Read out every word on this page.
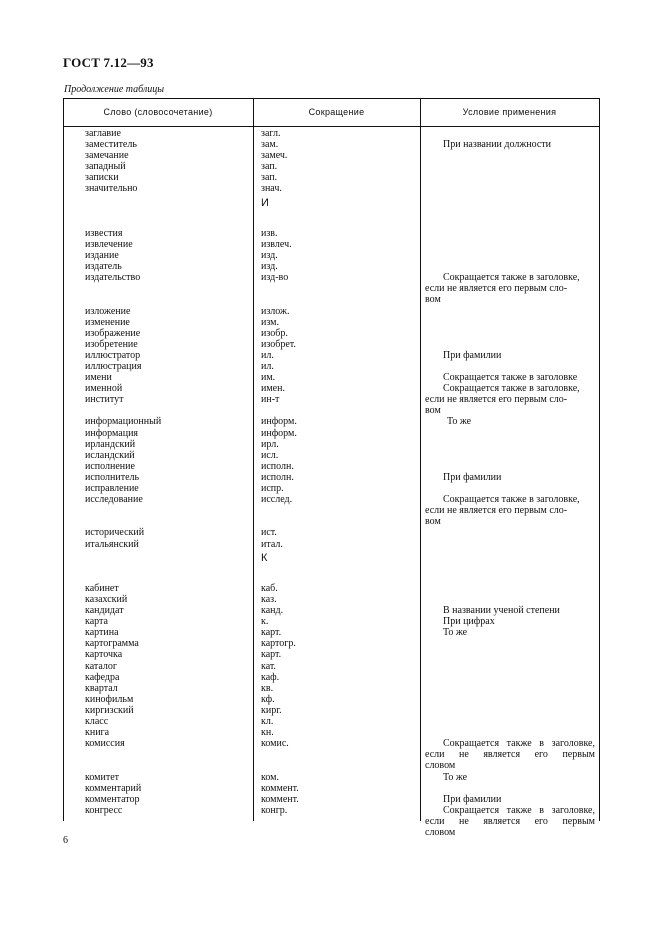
ГОСТ 7.12—93
Продолжение таблицы
Слово (словосочетание)	Сокращение	Условие применения
заглавие	загл.
заместитель	зам.	При названии должности
замечание	замеч.
западный	зап.
записки	зап.
значительно	знач.
И
известия	изв.
извлечение	извлеч.
издание	изд.
издатель	изд.
издательство	изд-во	Сокращается также в заголовке,
если не является его первым сло-
вом
изложение	излож.
изменение	изм.
изображение	изобр.
изобретение	изобрет.
иллюстратор	ил.	При фамилии
иллюстрация	ил.
имени	им.	Сокращается также в заголовке
именной	имен.	Сокращается также в заголовке,
институт	ин-т	если не является его первым сло-
вом
информационный	информ.	То же
информация	информ.
ирландский	ирл.
исландский	исл.
исполнение	исполн.
исполнитель	исполн.	При фамилии
исправление	испр.
исследование	исслед.	Сокращается также в заголовке,
если не является его первым сло-
вом
исторический	ист.
итальянский	итал.
К
кабинет	каб.
казахский	каз.
кандидат	канд.	В названии ученой степени
карта	к.	При цифрах
картина	карт.	То же
картограмма	картогр.
карточка	карт.
каталог	кат.
кафедра	каф.
квартал	кв.
кинофильм	кф.
киргизский	кирг.
класс	кл.
книга	кн.
комиссия	комис.	Сокращается также в заголовке,
если не является его первым
словом
комитет	ком.	То же
комментарий	коммент.
комментатор	коммент.	При фамилии
конгресс	конгр.	Сокращается также в заголовке,
если не является его первым
словом
6
